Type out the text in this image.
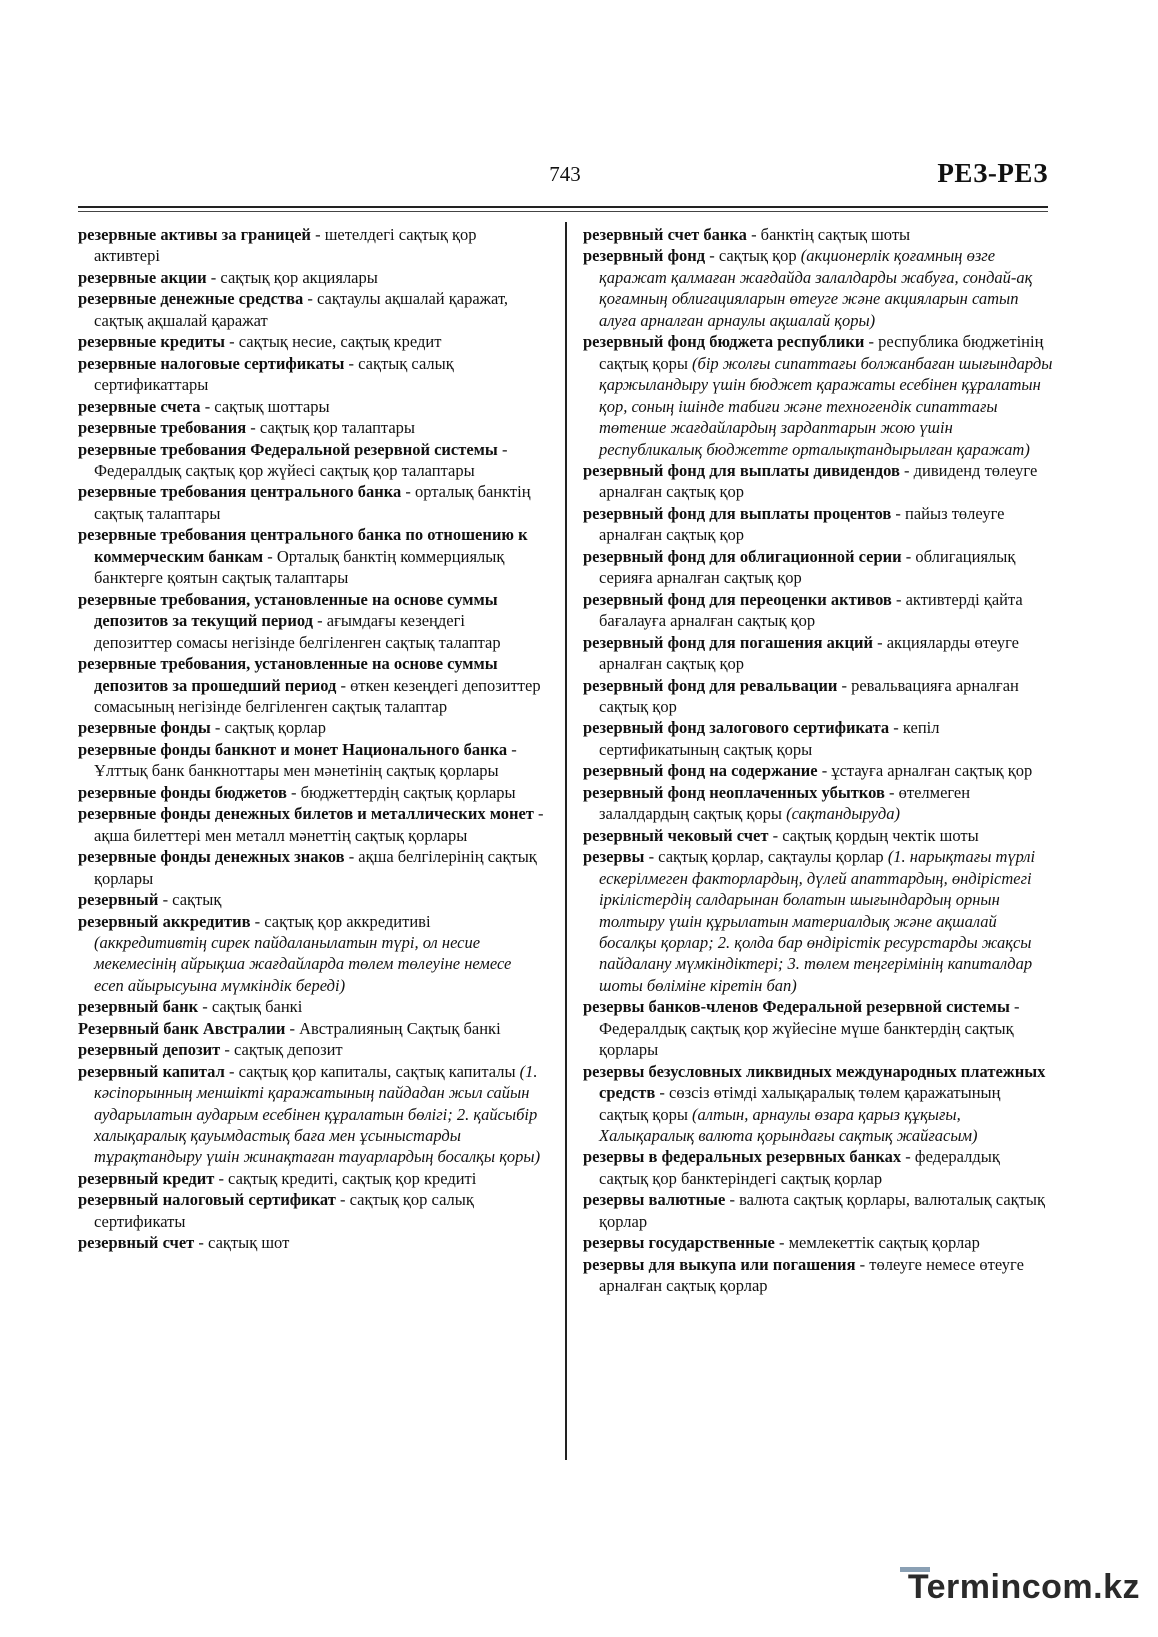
743	РЕЗ-РЕЗ
резервные активы за границей - шетелдегі сақтық қор активтері
резервные акции - сақтық қор акциялары
резервные денежные средства - сақтаулы ақшалай қаражат, сақтық ақшалай қаражат
резервные кредиты - сақтық несие, сақтық кредит
резервные налоговые сертификаты - сақтық салық сертификаттары
резервные счета - сақтық шоттары
резервные требования - сақтық қор талаптары
резервные требования Федеральной резервной системы - Федералдық сақтық қор жүйесі сақтық қор талаптары
резервные требования центрального банка - орталық банктің сақтық талаптары
резервные требования центрального банка по отношению к коммерческим банкам - Орталық банктің коммерциялық банктерге қоятын сақтық талаптары
резервные требования, установленные на основе суммы депозитов за текущий период - ағымдағы кезеңдегі депозиттер сомасы негізінде белгіленген сақтық талаптар
резервные требования, установленные на основе суммы депозитов за прошедший период - өткен кезеңдегі депозиттер сомасының негізінде белгіленген сақтық талаптар
резервные фонды - сақтық қорлар
резервные фонды банкнот и монет Национального банка - Ұлттық банк банкноттары мен мәнетінің сақтық қорлары
резервные фонды бюджетов - бюджеттердің сақтық қорлары
резервные фонды денежных билетов и металлических монет - ақша билеттері мен металл мәнеттің сақтық қорлары
резервные фонды денежных знаков - ақша белгілерінің сақтық қорлары
резервный - сақтық
резервный аккредитив - сақтық қор аккредитиві (аккредитивтің сирек пайдаланылатын түрі, ол несие мекемесінің айрықша жағдайларда төлем төлеуіне немесе есеп айырысуына мүмкіндік береді)
резервный банк - сақтық банкі
Резервный банк Австралии - Австралияның Сақтық банкі
резервный депозит - сақтық депозит
резервный капитал - сақтық қор капиталы, сақтық капиталы (1. кәсіпорынның меншікті қаражатының пайдадан жыл сайын аударылатын аударым есебінен құралатын бөлігі; 2. қайсыбір халықаралық қауымдастық баға мен ұсыныстарды тұрақтандыру үшін жинақтаған тауарлардың босалқы қоры)
резервный кредит - сақтық кредиті, сақтық қор кредиті
резервный налоговый сертификат - сақтық қор салық сертификаты
резервный счет - сақтық шот
резервный счет банка - банктің сақтық шоты
резервный фонд - сақтық қор (акционерлік қоғамның өзге қаражат қалмаған жағдайда залалдарды жабуға, сондай-ақ қоғамның облигацияларын өтеуге және акцияларын сатып алуға арналған арнаулы ақшалай қоры)
резервный фонд бюджета республики - республика бюджетінің сақтық қоры (бір жолғы сипаттағы болжанбаған шығындарды қаржыландыру үшін бюджет қаражаты есебінен құралатын қор, соның ішінде табиғи және техногендік сипаттағы төтенше жағдайлардың зардаптарын жою үшін республикалық бюджетте орталықтандырылған қаражат)
резервный фонд для выплаты дивидендов - дивиденд төлеуге арналған сақтық қор
резервный фонд для выплаты процентов - пайыз төлеуге арналған сақтық қор
резервный фонд для облигационной серии - облигациялық серияға арналған сақтық қор
резервный фонд для переоценки активов - активтерді қайта бағалауға арналған сақтық қор
резервный фонд для погашения акций - акцияларды өтеуге арналған сақтық қор
резервный фонд для ревальвации - ревальвацияға арналған сақтық қор
резервный фонд залогового сертификата - кепіл сертификатының сақтық қоры
резервный фонд на содержание - ұстауға арналған сақтық қор
резервный фонд неоплаченных убытков - өтелмеген залалдардың сақтық қоры (сақтандыруда)
резервный чековый счет - сақтық қордың чектік шоты
резервы - сақтық қорлар, сақтаулы қорлар (1. нарықтағы түрлі ескерілмеген факторлардың, дүлей апаттардың, өндірістегі іркілістердің салдарынан болатын шығындардың орнын толтыру үшін құрылатын материалдық және ақшалай босалқы қорлар; 2. қолда бар өндірістік ресурстарды жақсы пайдалану мүмкіндіктері; 3. төлем теңгерімінің капиталдар шоты бөліміне кіретін бап)
резервы банков-членов Федеральной резервной системы - Федералдық сақтық қор жүйесіне мүше банктердің сақтық қорлары
резервы безусловных ликвидных международных платежных средств - сөзсіз өтімді халықаралық төлем қаражатының сақтық қоры (алтын, арнаулы өзара қарыз құқығы, Халықаралық валюта қорындағы сақтық жайғасым)
резервы в федеральных резервных банках - федералдық сақтық қор банктеріндегі сақтық қорлар
резервы валютные - валюта сақтық қорлары, валюталық сақтық қорлар
резервы государственные - мемлекеттік сақтық қорлар
резервы для выкупа или погашения - төлеуге немесе өтеуге арналған сақтық қорлар
Termincom.kz
